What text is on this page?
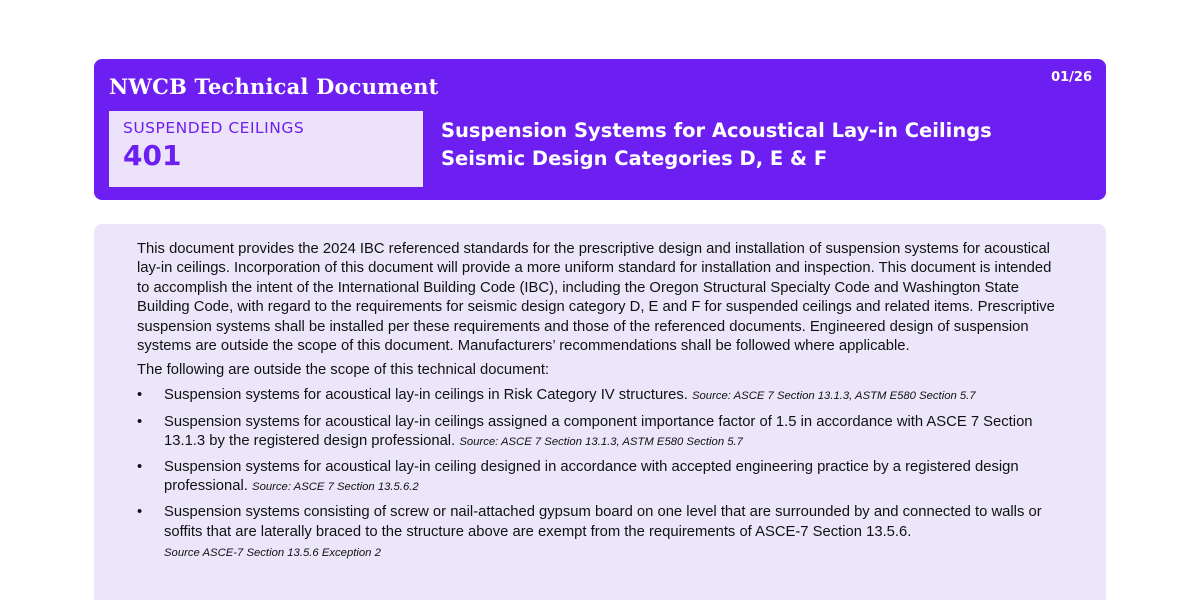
NWCB Technical Document	01/26
SUSPENDED CEILINGS
401
Suspension Systems for Acoustical Lay-in Ceilings
Seismic Design Categories D, E & F

This document provides the 2024 IBC referenced standards for the prescriptive design and installation of suspension systems for acoustical lay-in ceilings. Incorporation of this document will provide a more uniform standard for installation and inspection. This document is intended to accomplish the intent of the International Building Code (IBC), including the Oregon Structural Specialty Code and Washington State Building Code, with regard to the requirements for seismic design category D, E and F for suspended ceilings and related items. Prescriptive suspension systems shall be installed per these requirements and those of the referenced documents. Engineered design of suspension systems are outside the scope of this document. Manufacturers’ recommendations shall be followed where applicable.

The following are outside the scope of this technical document:

• Suspension systems for acoustical lay-in ceilings in Risk Category IV structures. Source: ASCE 7 Section 13.1.3, ASTM E580 Section 5.7
• Suspension systems for acoustical lay-in ceilings assigned a component importance factor of 1.5 in accordance with ASCE 7 Section 13.1.3 by the registered design professional. Source: ASCE 7 Section 13.1.3, ASTM E580 Section 5.7
• Suspension systems for acoustical lay-in ceiling designed in accordance with accepted engineering practice by a registered design professional. Source: ASCE 7 Section 13.5.6.2
• Suspension systems consisting of screw or nail-attached gypsum board on one level that are surrounded by and connected to walls or soffits that are laterally braced to the structure above are exempt from the requirements of ASCE-7 Section 13.5.6.
Source ASCE-7 Section 13.5.6 Exception 2
